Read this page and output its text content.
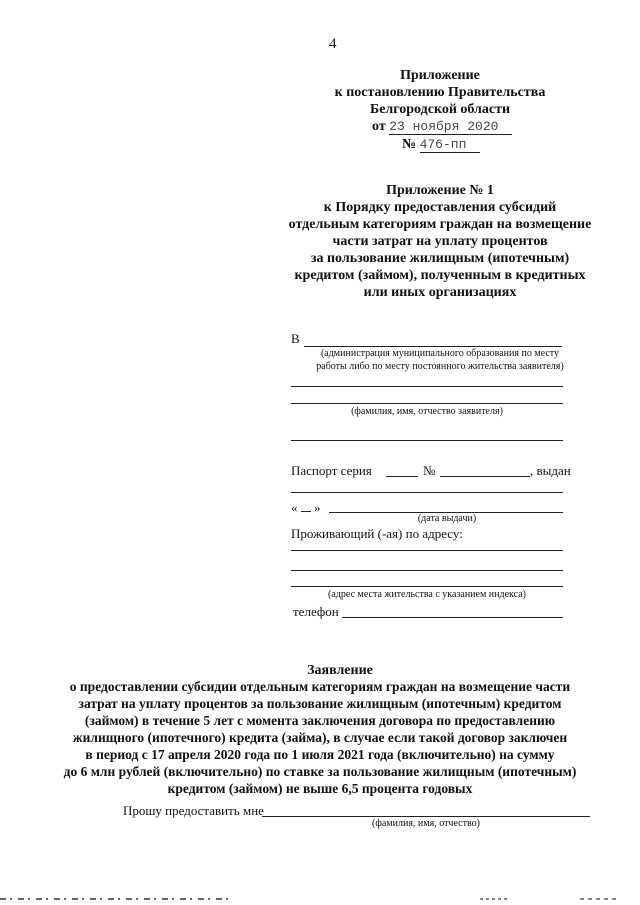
4
Приложение
к постановлению Правительства
Белгородской области
от 23 ноября 2020
№ 476-пп
Приложение № 1
к Порядку предоставления субсидий
отдельным категориям граждан на возмещение
части затрат на уплату процентов
за пользование жилищным (ипотечным)
кредитом (займом), полученным в кредитных
или иных организациях
В
(администрация муниципального образования по месту
работы либо по месту постоянного жительства заявителя)
(фамилия, имя, отчество заявителя)
Паспорт серия	№	, выдан
« »
(дата выдачи)
Проживающий (-ая) по адресу:
(адрес места жительства с указанием индекса)
телефон
Заявление
о предоставлении субсидии отдельным категориям граждан на возмещение части
затрат на уплату процентов за пользование жилищным (ипотечным) кредитом
(займом) в течение 5 лет с момента заключения договора по предоставлению
жилищного (ипотечного) кредита (займа), в случае если такой договор заключен
в период с 17 апреля 2020 года по 1 июля 2021 года (включительно) на сумму
до 6 млн рублей (включительно) по ставке за пользование жилищным (ипотечным)
кредитом (займом) не выше 6,5 процента годовых
Прошу предоставить мне
(фамилия, имя, отчество)
